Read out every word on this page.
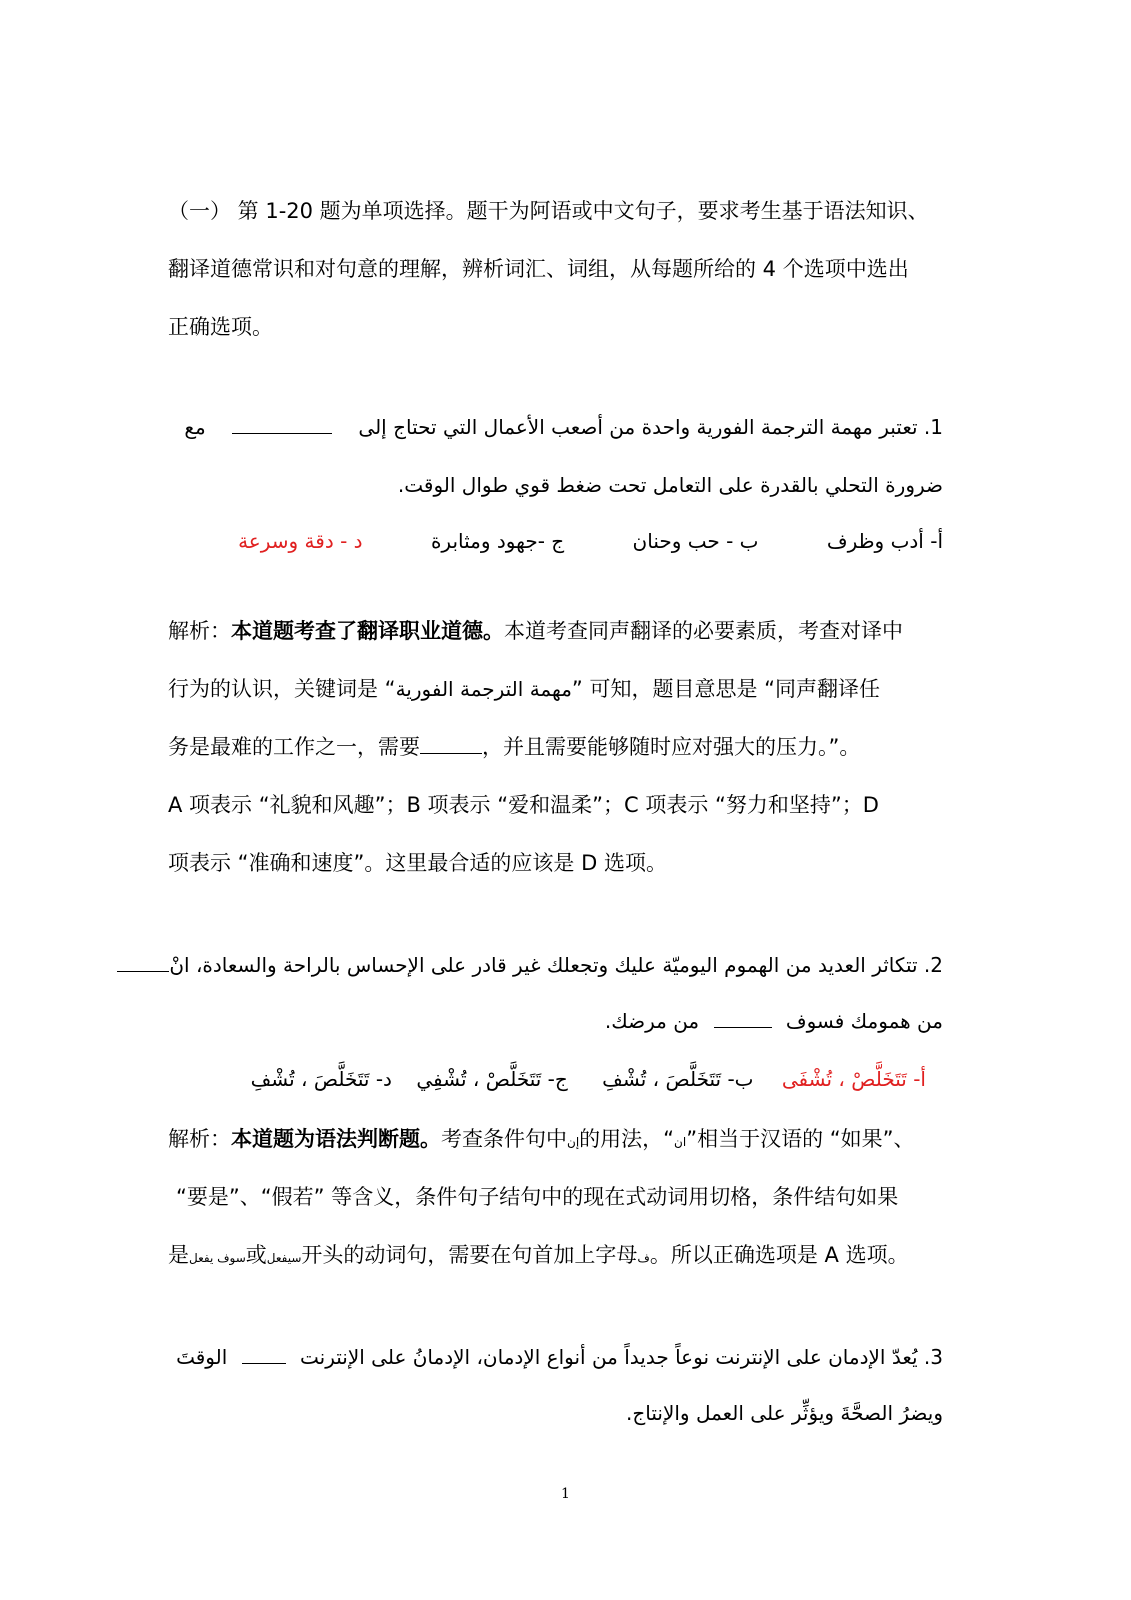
（一） 第 1-20 题为单项选择。题干为阿语或中文句子，要求考生基于语法知识、
翻译道德常识和对句意的理解，辨析词汇、词组，从每题所给的 4 个选项中选出
正确选项。
1. تعتبر مهمة الترجمة الفورية واحدة من أصعب الأعمال التي تحتاج إلى  مع
ضرورة التحلي بالقدرة على التعامل تحت ضغط قوي طوال الوقت.
أ- أدب وظرف ب - حب وحنان ج -جهود ومثابرة د - دقة وسرعة
解析：本道题考查了翻译职业道德。本道考查同声翻译的必要素质，考查对译中
行为的认识，关键词是 “مهمة الترجمة الفورية” 可知，题目意思是 “同声翻译任
务是最难的工作之一，需要	，并且需要能够随时应对强大的压力。”。
A 项表示 “礼貌和风趣”；B 项表示 “爱和温柔”；C 项表示 “努力和坚持”；D
项表示 “准确和速度”。这里最合适的应该是 D 选项。
2. تتكاثر العديد من الهموم اليوميّة عليك وتجعلك غير قادر على الإحساس بالراحة والسعادة، انْ
من همومك فسوف  من مرضك.
أ- تَتَخَلَّصْ ، تُشْفَى ب- تَتَخَلَّصَ ، تُشْفِ ج- تَتَخَلَّصْ ، تُشْفِي د- تَتَخَلَّصَ ، تُشْفِ
解析：本道题为语法判断题。考查条件句中إن的用法，“ان”相当于汉语的 “如果”、
“要是”、“假若” 等含义，条件句子结句中的现在式动词用切格，条件结句如果
是سوف يفعل或سيفعل开头的动词句，需要在句首加上字母ف。所以正确选项是 A 选项。
3. يُعدّ الإدمان على الإنترنت نوعاً جديداً من أنواع الإدمان، الإدمانُ على الإنترنت  الوقتَ
ويضرُ الصحَّةَ ويؤثِّر على العمل والإنتاج.
1
